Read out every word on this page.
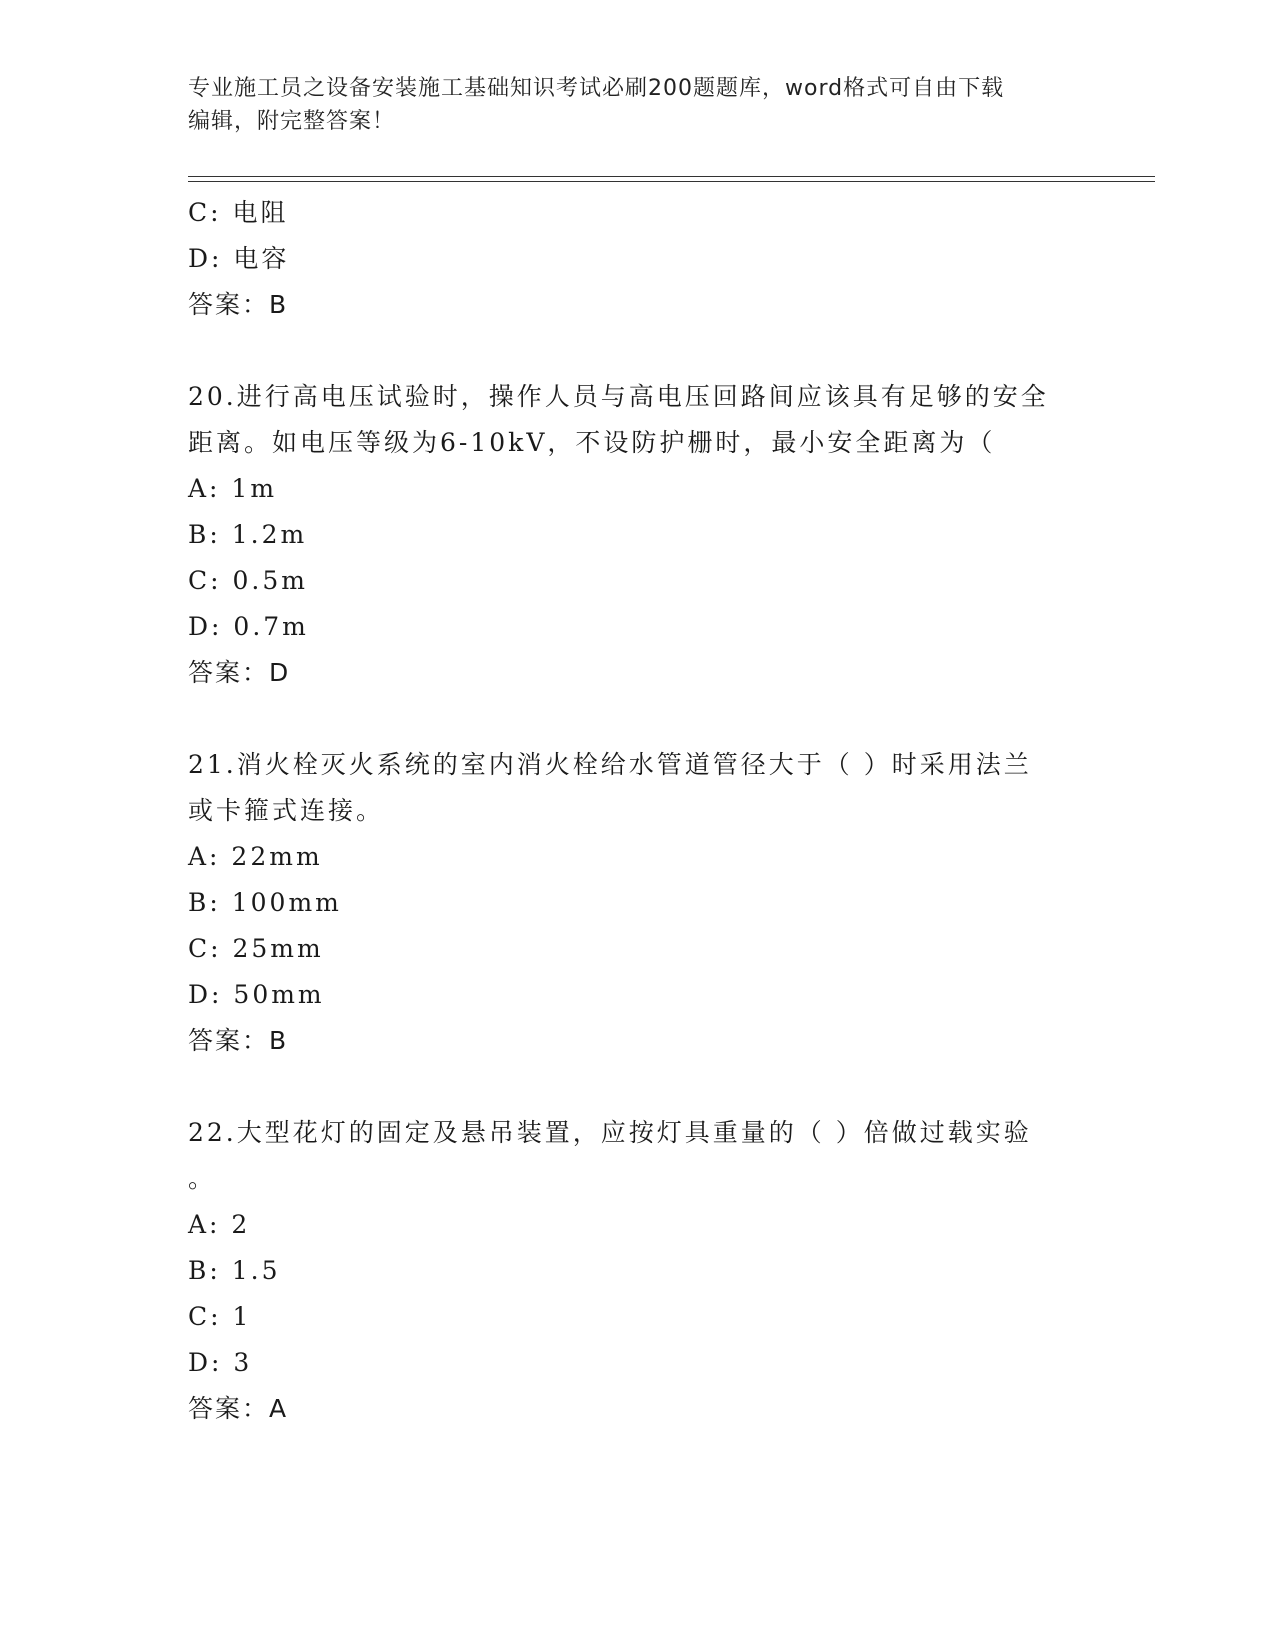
专业施工员之设备安装施工基础知识考试必刷200题题库，word格式可自由下载
编辑，附完整答案！
C: 电阻
D: 电容
答案：B
20.进行高电压试验时，操作人员与高电压回路间应该具有足够的安全
距离。如电压等级为6-10kV，不设防护栅时，最小安全距离为（
A: 1m
B: 1.2m
C: 0.5m
D: 0.7m
答案：D
21.消火栓灭火系统的室内消火栓给水管道管径大于（ ）时采用法兰
或卡箍式连接。
A: 22mm
B: 100mm
C: 25mm
D: 50mm
答案：B
22.大型花灯的固定及悬吊装置，应按灯具重量的（ ）倍做过载实验
。
A: 2
B: 1.5
C: 1
D: 3
答案：A
